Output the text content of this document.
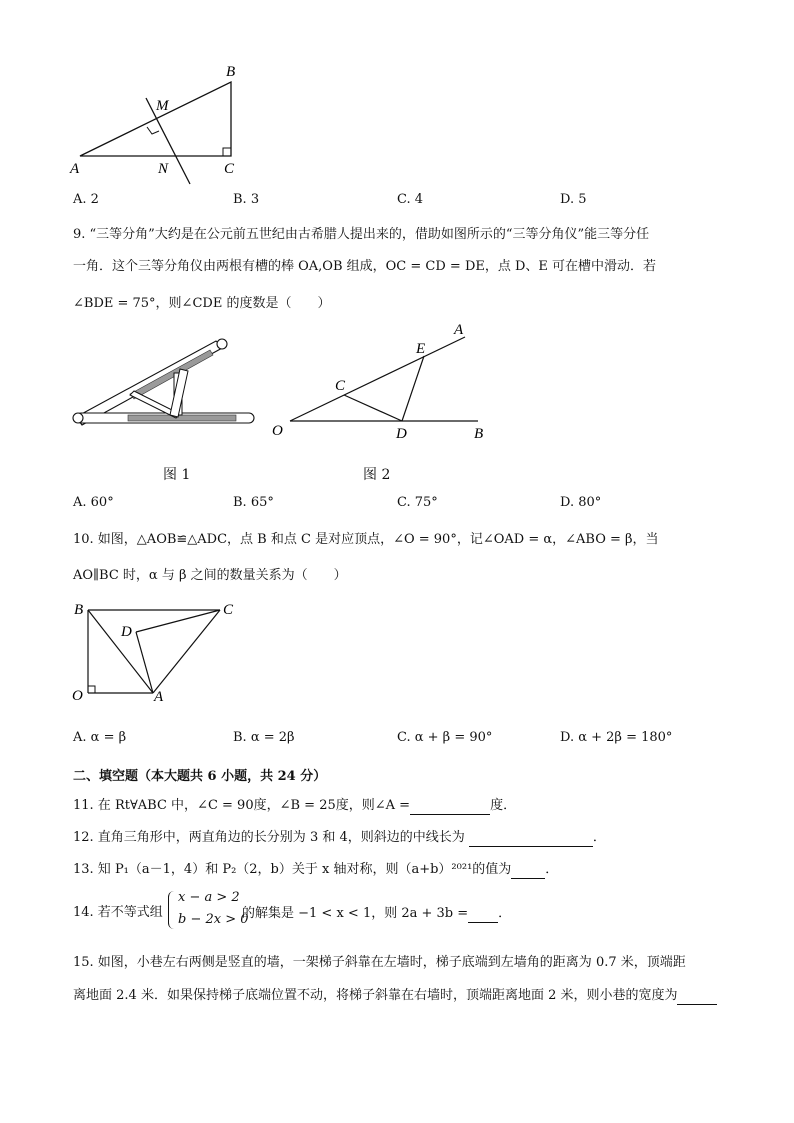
B
M
A	N	C
A. 2	B. 3	C. 4	D. 5
9. “三等分角”大约是在公元前五世纪由古希腊人提出来的，借助如图所示的“三等分角仪”能三等分任
一角．这个三等分角仪由两根有槽的棒 OA,OB 组成，OC = CD = DE，点 D、E 可在槽中滑动．若
∠BDE = 75°，则∠CDE 的度数是（　　）
O
C
D
E
A
B
图 1	图 2
A. 60°	B. 65°	C. 75°	D. 80°
10. 如图，△AOB≌△ADC，点 B 和点 C 是对应顶点，∠O = 90°，记∠OAD = α，∠ABO = β，当
AO∥BC 时，α 与 β 之间的数量关系为（　　）
B	C
D
O	A
A. α = β	B. α = 2β	C. α + β = 90°	D. α + 2β = 180°
二、填空题（本大题共 6 小题，共 24 分）
11. 在 Rt∀ABC 中，∠C = 90度，∠B = 25度，则∠A =	度．
12. 直角三角形中，两直角边的长分别为 3 和 4，则斜边的中线长为	．
13. 知 P₁（a－1，4）和 P₂（2，b）关于 x 轴对称，则（a+b）²⁰²¹的值为	．
14. 若不等式组
x − a > 2
b − 2x > 0
的解集是 −1 < x < 1，则 2a + 3b = ．
15. 如图，小巷左右两侧是竖直的墙，一架梯子斜靠在左墙时，梯子底端到左墙角的距离为 0.7 米，顶端距
离地面 2.4 米．如果保持梯子底端位置不动，将梯子斜靠在右墙时，顶端距离地面 2 米，则小巷的宽度为
